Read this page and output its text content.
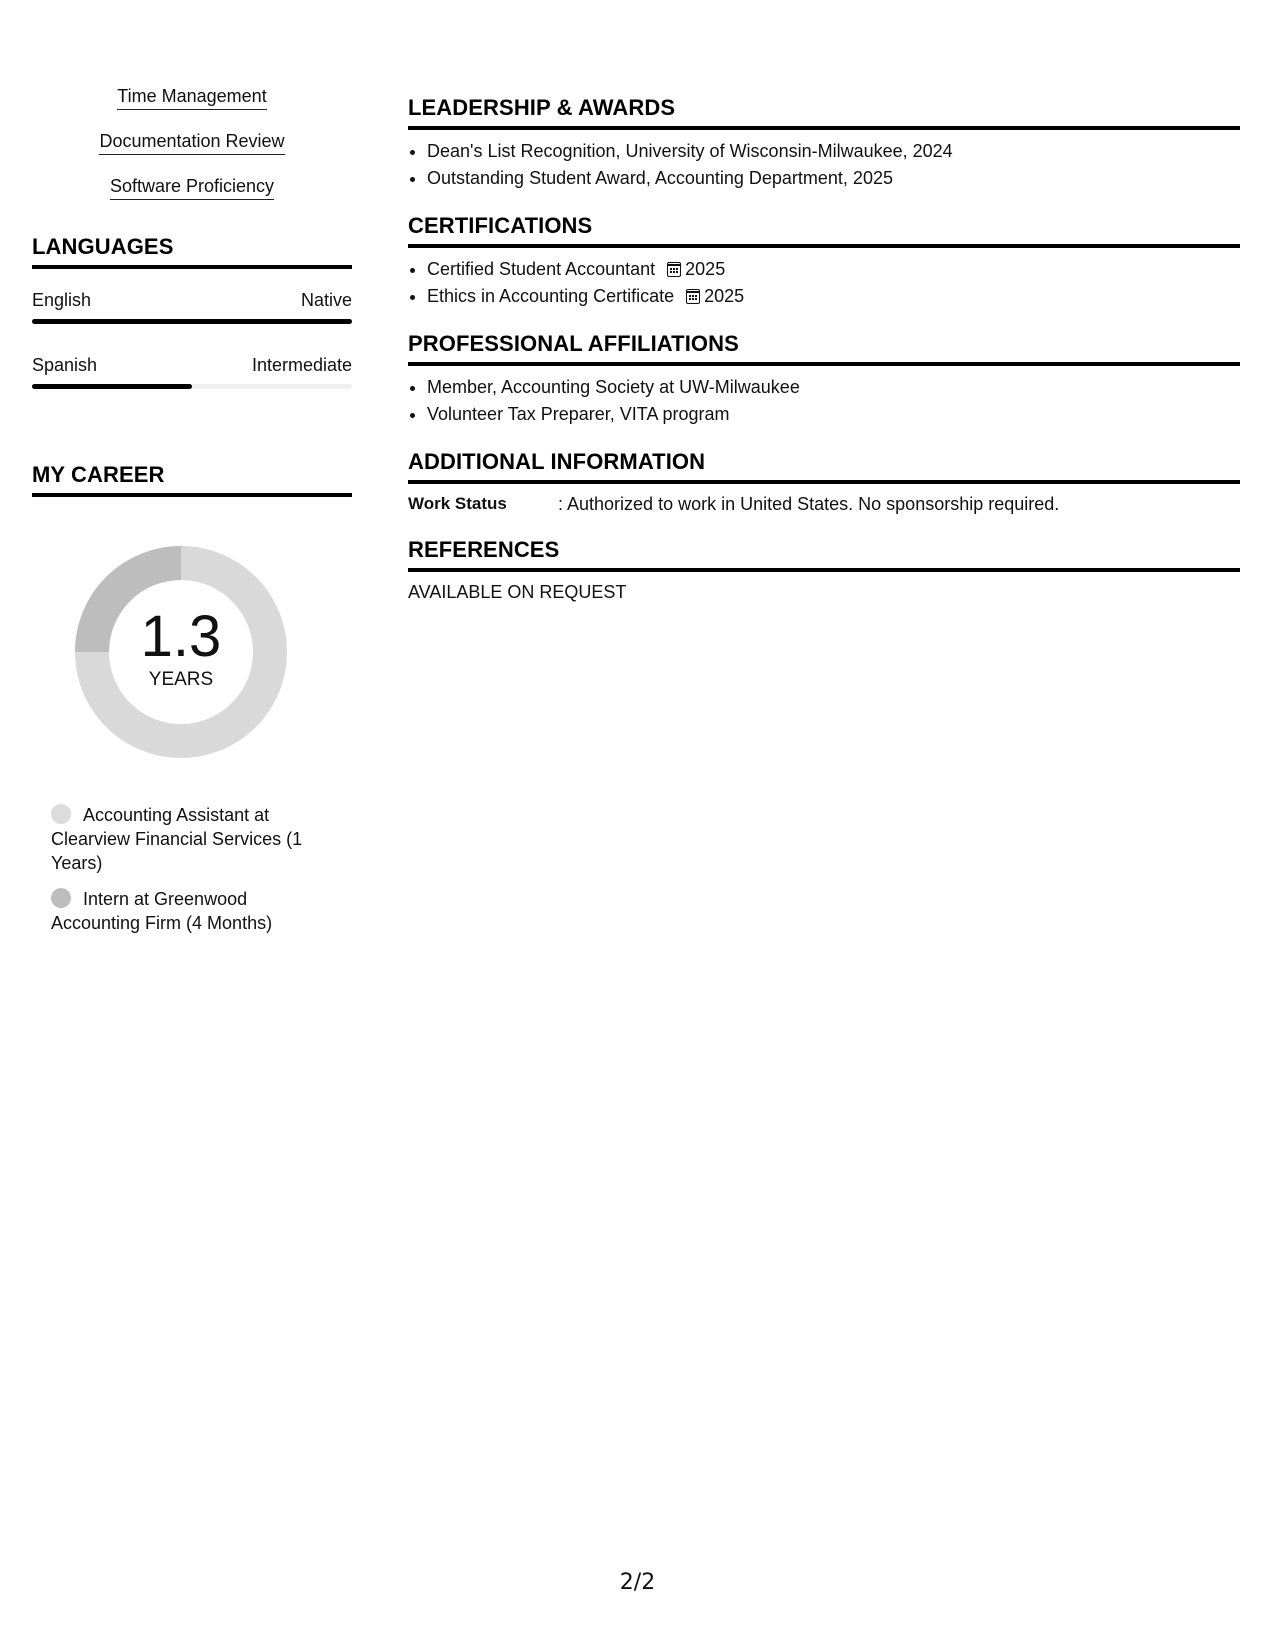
Time Management
Documentation Review
Software Proficiency
LANGUAGES
English	Native
Spanish	Intermediate
MY CAREER
1.3
YEARS
Accounting Assistant at Clearview Financial Services (1 Years)
Intern at Greenwood Accounting Firm (4 Months)
LEADERSHIP & AWARDS
• Dean's List Recognition, University of Wisconsin-Milwaukee, 2024
• Outstanding Student Award, Accounting Department, 2025
CERTIFICATIONS
• Certified Student Accountant 2025
• Ethics in Accounting Certificate 2025
PROFESSIONAL AFFILIATIONS
• Member, Accounting Society at UW-Milwaukee
• Volunteer Tax Preparer, VITA program
ADDITIONAL INFORMATION
Work Status	: Authorized to work in United States. No sponsorship required.
REFERENCES
AVAILABLE ON REQUEST
2/2
